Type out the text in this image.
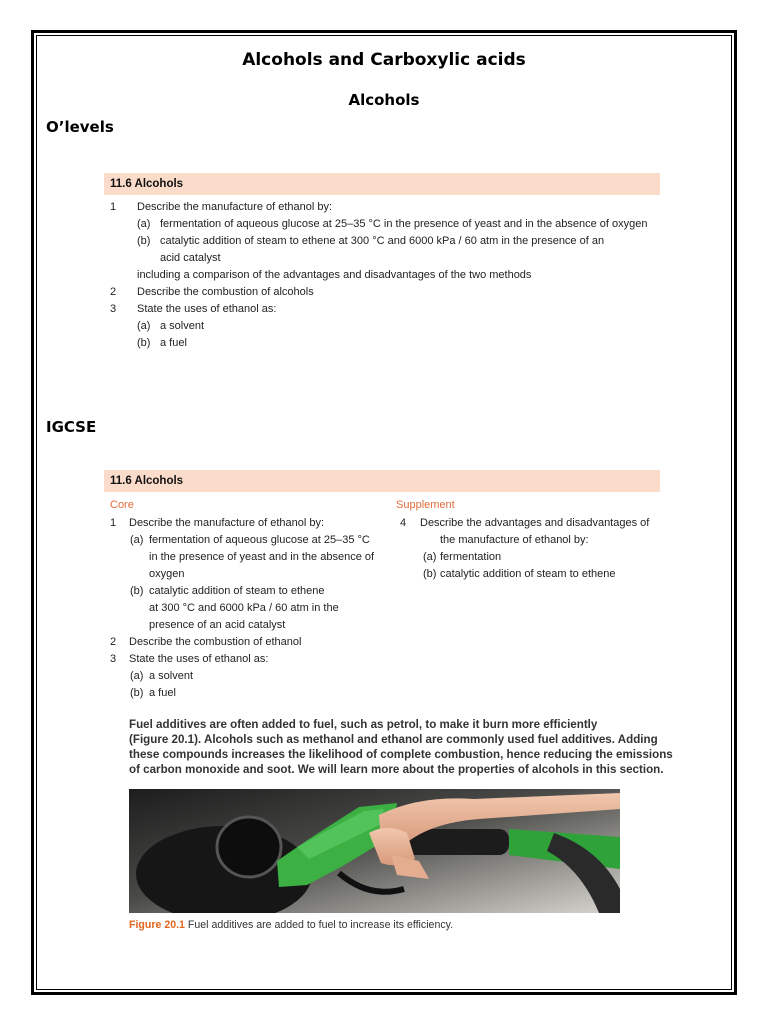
Alcohols and Carboxylic acids
Alcohols
O’levels
11.6 Alcohols
1 Describe the manufacture of ethanol by:
(a) fermentation of aqueous glucose at 25–35 °C in the presence of yeast and in the absence of oxygen
(b) catalytic addition of steam to ethene at 300 °C and 6000 kPa / 60 atm in the presence of an
acid catalyst
including a comparison of the advantages and disadvantages of the two methods
2 Describe the combustion of alcohols
3 State the uses of ethanol as:
(a) a solvent
(b) a fuel
IGCSE
11.6 Alcohols
Core	Supplement
1 Describe the manufacture of ethanol by:
(a) fermentation of aqueous glucose at 25–35 °C
in the presence of yeast and in the absence of
oxygen
(b) catalytic addition of steam to ethene
at 300 °C and 6000 kPa / 60 atm in the
presence of an acid catalyst
2 Describe the combustion of ethanol
3 State the uses of ethanol as:
(a) a solvent
(b) a fuel
4 Describe the advantages and disadvantages of
the manufacture of ethanol by:
(a) fermentation
(b) catalytic addition of steam to ethene
Fuel additives are often added to fuel, such as petrol, to make it burn more efficiently
(Figure 20.1). Alcohols such as methanol and ethanol are commonly used fuel additives. Adding
these compounds increases the likelihood of complete combustion, hence reducing the emissions
of carbon monoxide and soot. We will learn more about the properties of alcohols in this section.
Figure 20.1 Fuel additives are added to fuel to increase its efficiency.
